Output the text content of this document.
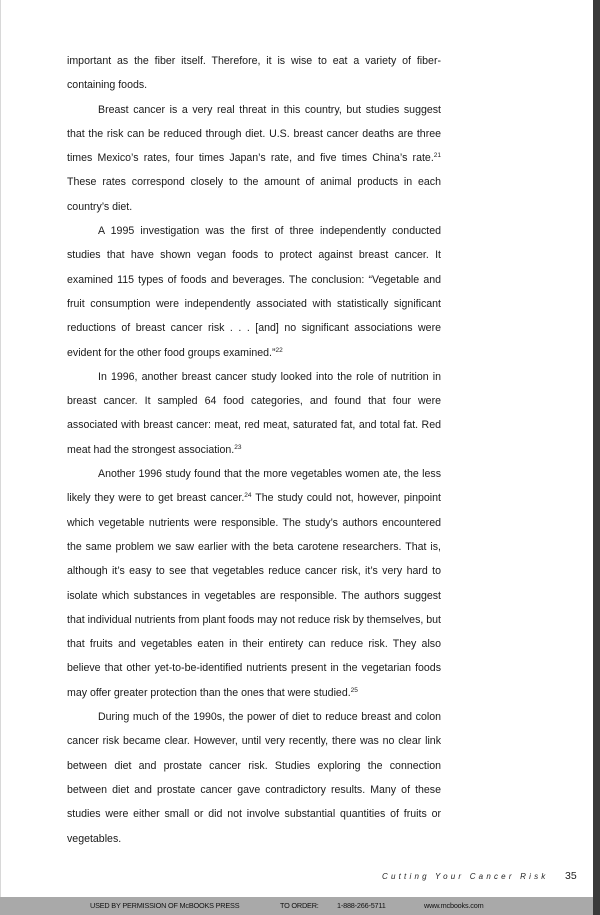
important as the fiber itself. Therefore, it is wise to eat a variety of fiber-containing foods.

Breast cancer is a very real threat in this country, but studies suggest that the risk can be reduced through diet. U.S. breast cancer deaths are three times Mexico’s rates, four times Japan’s rate, and five times China’s rate.$^{21}$ These rates correspond closely to the amount of animal products in each country’s diet.

A 1995 investigation was the first of three independently conducted studies that have shown vegan foods to protect against breast cancer. It examined 115 types of foods and beverages. The conclusion: “Vegetable and fruit consumption were independently associated with statistically significant reductions of breast cancer risk . . . [and] no significant associations were evident for the other food groups examined.”$^{22}$

In 1996, another breast cancer study looked into the role of nutrition in breast cancer. It sampled 64 food categories, and found that four were associated with breast cancer: meat, red meat, saturated fat, and total fat. Red meat had the strongest association.$^{23}$

Another 1996 study found that the more vegetables women ate, the less likely they were to get breast cancer.$^{24}$ The study could not, however, pinpoint which vegetable nutrients were responsible. The study’s authors encountered the same problem we saw earlier with the beta carotene researchers. That is, although it’s easy to see that vegetables reduce cancer risk, it’s very hard to isolate which substances in vegetables are responsible. The authors suggest that individual nutrients from plant foods may not reduce risk by themselves, but that fruits and vegetables eaten in their entirety can reduce risk. They also believe that other yet-to-be-identified nutrients present in the vegetarian foods may offer greater protection than the ones that were studied.$^{25}$

During much of the 1990s, the power of diet to reduce breast and colon cancer risk became clear. However, until very recently, there was no clear link between diet and prostate cancer risk. Studies exploring the connection between diet and prostate cancer gave contradictory results. Many of these studies were either small or did not involve substantial quantities of fruits or vegetables.

Cutting Your Cancer Risk 35
USED BY PERMISSION OF McBOOKS PRESS	TO ORDER:	1-888-266-5711	www.mcbooks.com
